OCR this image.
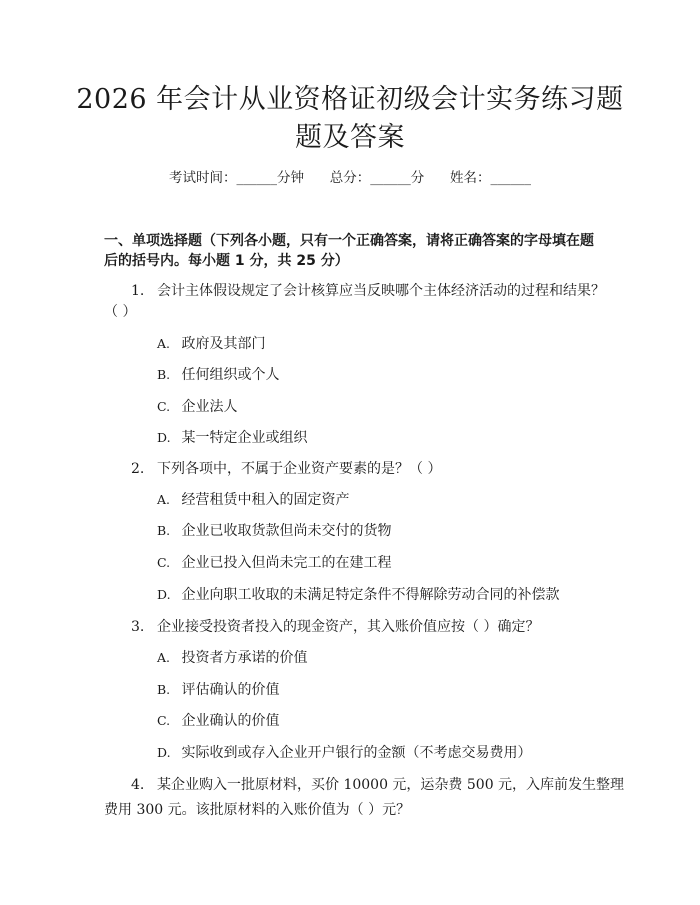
2026 年会计从业资格证初级会计实务练习题
题及答案
考试时间：______分钟      总分：______分      姓名：______
一、单项选择题（下列各小题，只有一个正确答案，请将正确答案的字母填在题
后的括号内。每小题 1 分，共 25 分）
1. 会计主体假设规定了会计核算应当反映哪个主体经济活动的过程和结果？
（ ）
A. 政府及其部门
B. 任何组织或个人
C. 企业法人
D. 某一特定企业或组织
2. 下列各项中，不属于企业资产要素的是？（ ）
A. 经营租赁中租入的固定资产
B. 企业已收取货款但尚未交付的货物
C. 企业已投入但尚未完工的在建工程
D. 企业向职工收取的未满足特定条件不得解除劳动合同的补偿款
3. 企业接受投资者投入的现金资产，其入账价值应按（ ）确定？
A. 投资者方承诺的价值
B. 评估确认的价值
C. 企业确认的价值
D. 实际收到或存入企业开户银行的金额（不考虑交易费用）
4. 某企业购入一批原材料，买价 10000 元，运杂费 500 元，入库前发生整理
费用 300 元。该批原材料的入账价值为（ ）元？
